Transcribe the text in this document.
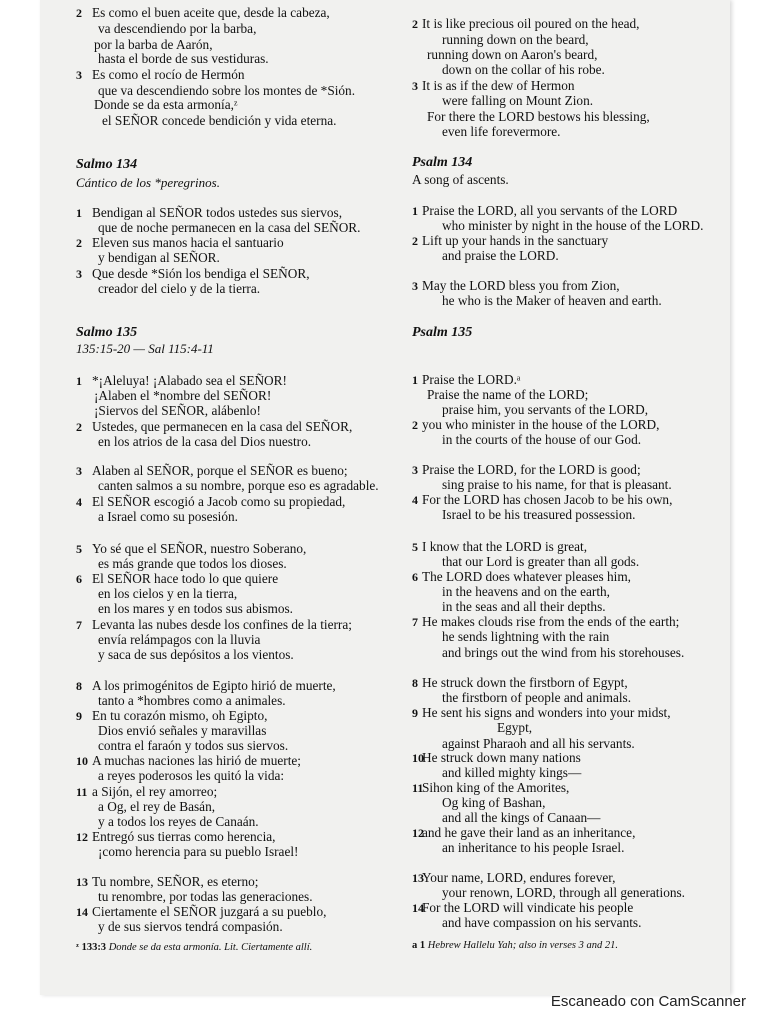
2 Es como el buen aceite que, desde la cabeza,
va descendiendo por la barba,
por la barba de Aarón,
hasta el borde de sus vestiduras.
3 Es como el rocío de Hermón
que va descendiendo sobre los montes de *Sión.
Donde se da esta armonía,ᶻ
el SEÑOR concede bendición y vida eterna.
Salmo 134
Cántico de los *peregrinos.
1 Bendigan al SEÑOR todos ustedes sus siervos,
que de noche permanecen en la casa del SEÑOR.
2 Eleven sus manos hacia el santuario
y bendigan al SEÑOR.
3 Que desde *Sión los bendiga el SEÑOR,
creador del cielo y de la tierra.
Salmo 135
135:15-20 — Sal 115:4-11
1 *¡Aleluya! ¡Alabado sea el SEÑOR!
¡Alaben el *nombre del SEÑOR!
¡Siervos del SEÑOR, alábenlo!
2 Ustedes, que permanecen en la casa del SEÑOR,
en los atrios de la casa del Dios nuestro.
3 Alaben al SEÑOR, porque el SEÑOR es bueno;
canten salmos a su nombre, porque eso es agradable.
4 El SEÑOR escogió a Jacob como su propiedad,
a Israel como su posesión.
5 Yo sé que el SEÑOR, nuestro Soberano,
es más grande que todos los dioses.
6 El SEÑOR hace todo lo que quiere
en los cielos y en la tierra,
en los mares y en todos sus abismos.
7 Levanta las nubes desde los confines de la tierra;
envía relámpagos con la lluvia
y saca de sus depósitos a los vientos.
8 A los primogénitos de Egipto hirió de muerte,
tanto a *hombres como a animales.
9 En tu corazón mismo, oh Egipto,
Dios envió señales y maravillas
contra el faraón y todos sus siervos.
10 A muchas naciones las hirió de muerte;
a reyes poderosos les quitó la vida:
11 a Sijón, el rey amorreo;
a Og, el rey de Basán,
y a todos los reyes de Canaán.
12 Entregó sus tierras como herencia,
¡como herencia para su pueblo Israel!
13 Tu nombre, SEÑOR, es eterno;
tu renombre, por todas las generaciones.
14 Ciertamente el SEÑOR juzgará a su pueblo,
y de sus siervos tendrá compasión.
ᶻ 133:3 Donde se da esta armonía. Lit. Ciertamente allí.
2 It is like precious oil poured on the head,
running down on the beard,
running down on Aaron's beard,
down on the collar of his robe.
3 It is as if the dew of Hermon
were falling on Mount Zion.
For there the LORD bestows his blessing,
even life forevermore.
Psalm 134
A song of ascents.
1 Praise the LORD, all you servants of the LORD
who minister by night in the house of the LORD.
2 Lift up your hands in the sanctuary
and praise the LORD.
3 May the LORD bless you from Zion,
he who is the Maker of heaven and earth.
Psalm 135
1 Praise the LORD.ᵃ
Praise the name of the LORD;
praise him, you servants of the LORD,
2 you who minister in the house of the LORD,
in the courts of the house of our God.
3 Praise the LORD, for the LORD is good;
sing praise to his name, for that is pleasant.
4 For the LORD has chosen Jacob to be his own,
Israel to be his treasured possession.
5 I know that the LORD is great,
that our Lord is greater than all gods.
6 The LORD does whatever pleases him,
in the heavens and on the earth,
in the seas and all their depths.
7 He makes clouds rise from the ends of the earth;
he sends lightning with the rain
and brings out the wind from his storehouses.
8 He struck down the firstborn of Egypt,
the firstborn of people and animals.
9 He sent his signs and wonders into your midst,
Egypt,
against Pharaoh and all his servants.
10He struck down many nations
and killed mighty kings—
11Sihon king of the Amorites,
Og king of Bashan,
and all the kings of Canaan—
12and he gave their land as an inheritance,
an inheritance to his people Israel.
13Your name, LORD, endures forever,
your renown, LORD, through all generations.
14For the LORD will vindicate his people
and have compassion on his servants.
a 1 Hebrew Hallelu Yah; also in verses 3 and 21.
Escaneado con CamScanner
